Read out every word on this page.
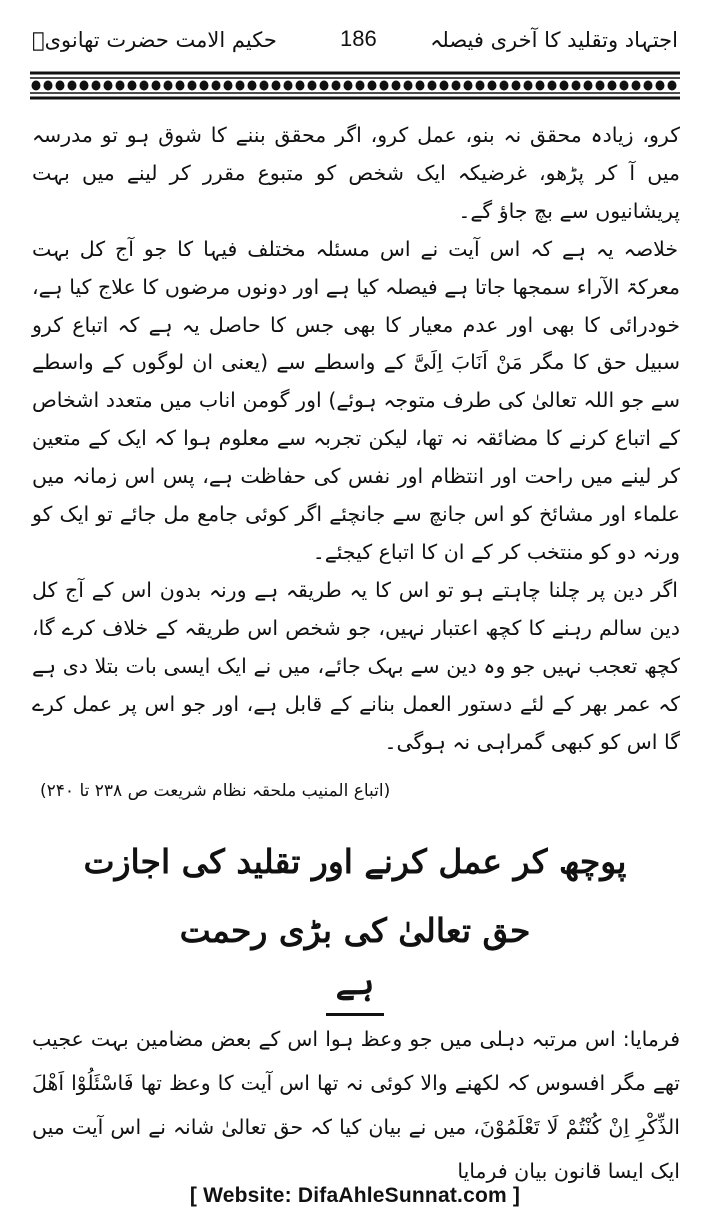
حکیم الامت حضرت تھانویؒ	186	اجتہاد وتقلید کا آخری فیصلہ

کرو، زیادہ محقق نہ بنو، عمل کرو، اگر محقق بننے کا شوق ہو تو مدرسہ میں آ کر پڑھو، غرضیکہ ایک شخص کو متبوع مقرر کر لینے میں بہت پریشانیوں سے بچ جاؤ گے۔

خلاصہ یہ ہے کہ اس آیت نے اس مسئلہ مختلف فیہا کا جو آج کل بہت معرکۃ الآراء سمجھا جاتا ہے فیصلہ کیا ہے اور دونوں مرضوں کا علاج کیا ہے، خودرائی کا بھی اور عدم معیار کا بھی جس کا حاصل یہ ہے کہ اتباع کرو سبیل حق کا مگر مَنْ اَنَابَ اِلَیَّ کے واسطے سے (یعنی ان لوگوں کے واسطے سے جو اللہ تعالیٰ کی طرف متوجہ ہوئے) اور گومن اناب میں متعدد اشخاص کے اتباع کرنے کا مضائقہ نہ تھا، لیکن تجربہ سے معلوم ہوا کہ ایک کے متعین کر لینے میں راحت اور انتظام اور نفس کی حفاظت ہے، پس اس زمانہ میں علماء اور مشائخ کو اس جانچ سے جانچئے اگر کوئی جامع مل جائے تو ایک کو ورنہ دو کو منتخب کر کے ان کا اتباع کیجئے۔

اگر دین پر چلنا چاہتے ہو تو اس کا یہ طریقہ ہے ورنہ بدون اس کے آج کل دین سالم رہنے کا کچھ اعتبار نہیں، جو شخص اس طریقہ کے خلاف کرے گا، کچھ تعجب نہیں جو وہ دین سے بہک جائے، میں نے ایک ایسی بات بتلا دی ہے کہ عمر بھر کے لئے دستور العمل بنانے کے قابل ہے، اور جو اس پر عمل کرے گا اس کو کبھی گمراہی نہ ہوگی۔

(اتباع المنیب ملحقہ نظام شریعت ص ۲۳۸ تا ۲۴۰)
پوچھ کر عمل کرنے اور تقلید کی اجازت
حق تعالیٰ کی بڑی رحمت
ہے

فرمایا: اس مرتبہ دہلی میں جو وعظ ہوا اس کے بعض مضامین بہت عجیب تھے مگر افسوس کہ لکھنے والا کوئی نہ تھا اس آیت کا وعظ تھا فَاسْئَلُوْا اَھْلَ الذِّکْرِ اِنْ کُنْتُمْ لَا تَعْلَمُوْنَ، میں نے بیان کیا کہ حق تعالیٰ شانہ نے اس آیت میں ایک ایسا قانون بیان فرمایا

[ Website: DifaAhleSunnat.com ]
